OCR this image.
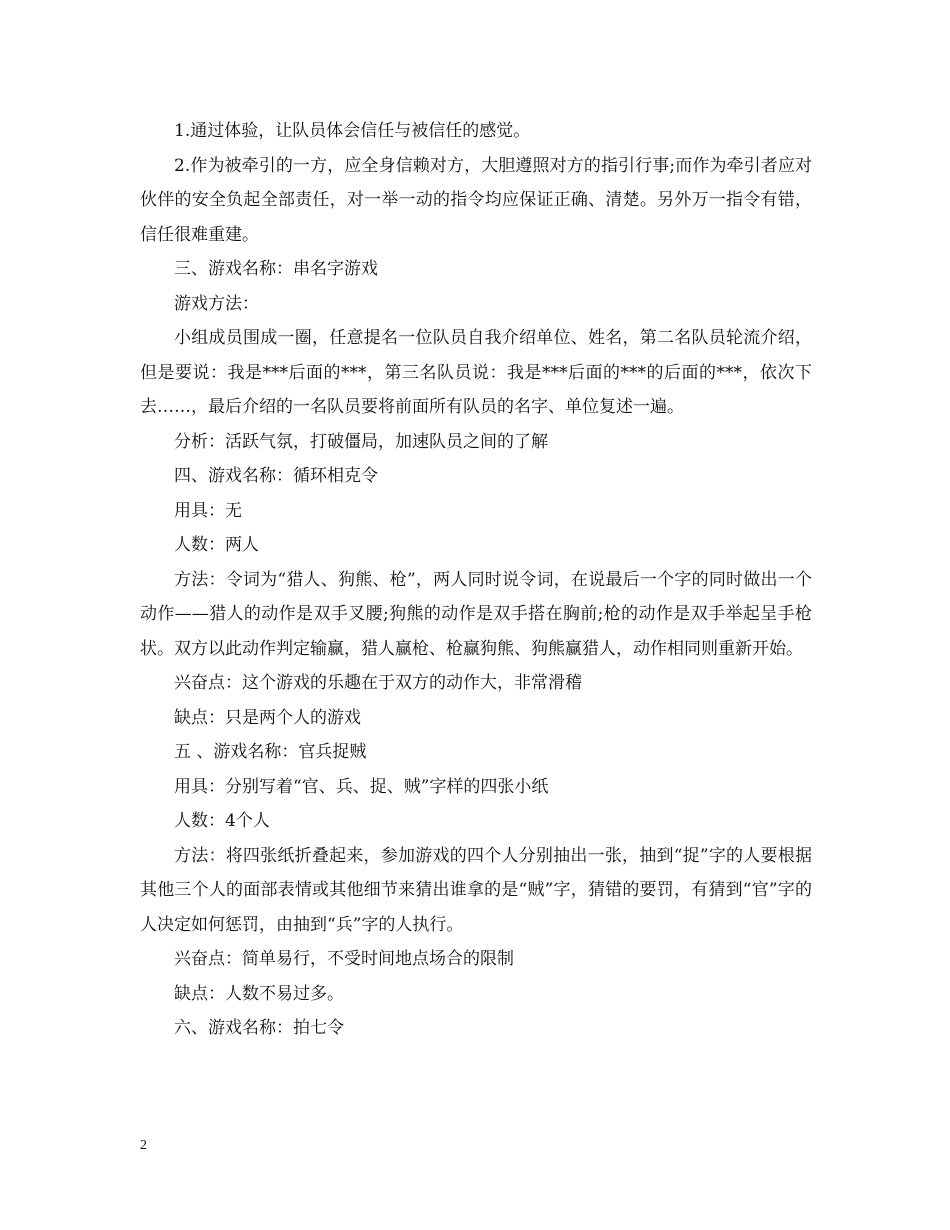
1.通过体验，让队员体会信任与被信任的感觉。

2.作为被牵引的一方，应全身信赖对方，大胆遵照对方的指引行事;而作为牵引者应对伙伴的安全负起全部责任，对一举一动的指令均应保证正确、清楚。另外万一指令有错，信任很难重建。

三、游戏名称：串名字游戏

游戏方法：

小组成员围成一圈，任意提名一位队员自我介绍单位、姓名，第二名队员轮流介绍，但是要说：我是***后面的***，第三名队员说：我是***后面的***的后面的***，依次下去……，最后介绍的一名队员要将前面所有队员的名字、单位复述一遍。

分析：活跃气氛，打破僵局，加速队员之间的了解

四、游戏名称：循环相克令

用具：无

人数：两人

方法：令词为“猎人、狗熊、枪”，两人同时说令词，在说最后一个字的同时做出一个动作——猎人的动作是双手叉腰;狗熊的动作是双手搭在胸前;枪的动作是双手举起呈手枪状。双方以此动作判定输赢，猎人赢枪、枪赢狗熊、狗熊赢猎人，动作相同则重新开始。

兴奋点：这个游戏的乐趣在于双方的动作大，非常滑稽

缺点：只是两个人的游戏

五 、游戏名称：官兵捉贼

用具：分别写着“官、兵、捉、贼”字样的四张小纸

人数：4个人

方法：将四张纸折叠起来，参加游戏的四个人分别抽出一张，抽到“捉”字的人要根据其他三个人的面部表情或其他细节来猜出谁拿的是“贼”字，猜错的要罚，有猜到“官”字的人决定如何惩罚，由抽到“兵”字的人执行。

兴奋点：简单易行，不受时间地点场合的限制

缺点：人数不易过多。

六、游戏名称：拍七令

2
